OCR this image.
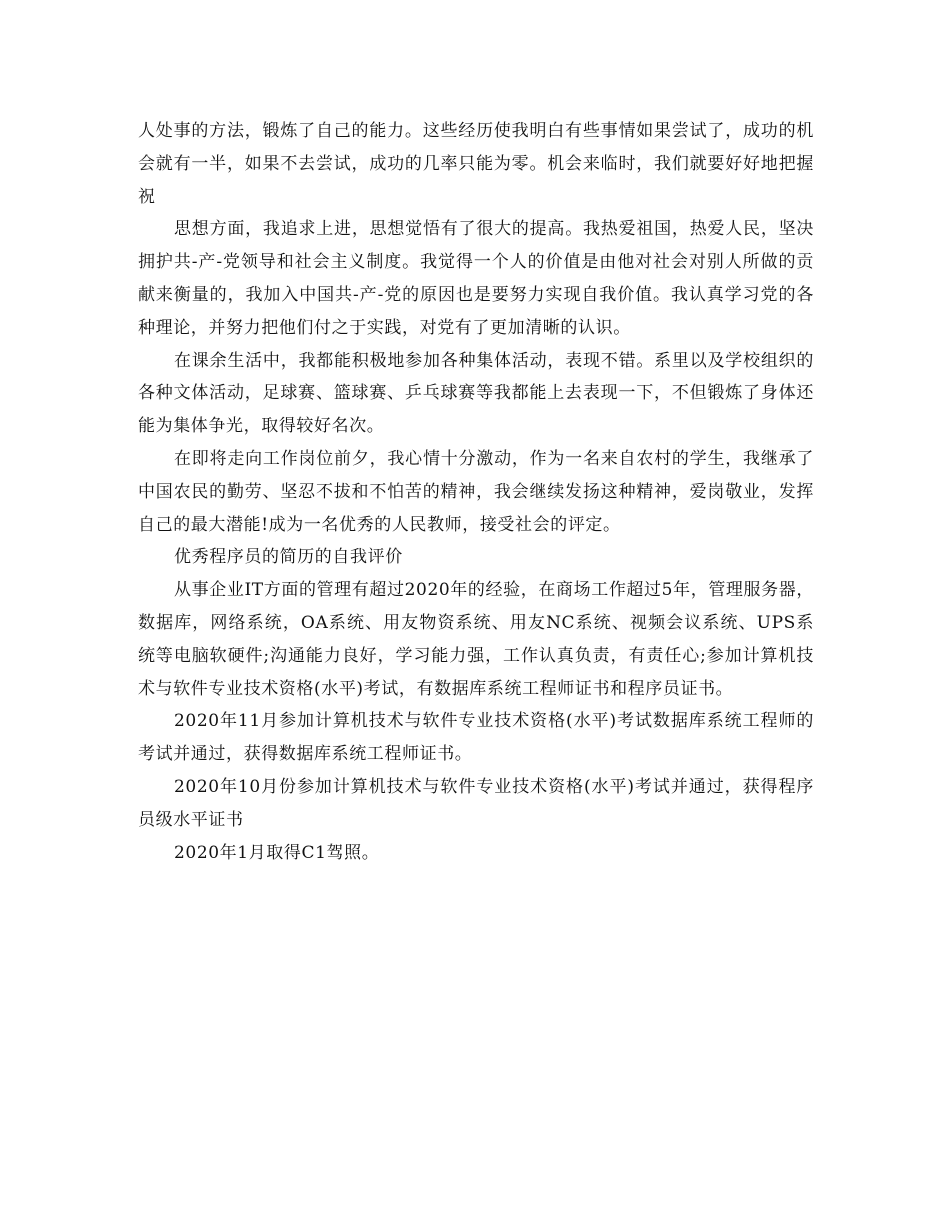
人处事的方法，锻炼了自己的能力。这些经历使我明白有些事情如果尝试了，成功的机会就有一半，如果不去尝试，成功的几率只能为零。机会来临时，我们就要好好地把握祝

思想方面，我追求上进，思想觉悟有了很大的提高。我热爱祖国，热爱人民，坚决拥护共-产-党领导和社会主义制度。我觉得一个人的价值是由他对社会对别人所做的贡献来衡量的，我加入中国共-产-党的原因也是要努力实现自我价值。我认真学习党的各种理论，并努力把他们付之于实践，对党有了更加清晰的认识。

在课余生活中，我都能积极地参加各种集体活动，表现不错。系里以及学校组织的各种文体活动，足球赛、篮球赛、乒乓球赛等我都能上去表现一下，不但锻炼了身体还能为集体争光，取得较好名次。

在即将走向工作岗位前夕，我心情十分激动，作为一名来自农村的学生，我继承了中国农民的勤劳、坚忍不拔和不怕苦的精神，我会继续发扬这种精神，爱岗敬业，发挥自己的最大潜能!成为一名优秀的人民教师，接受社会的评定。

优秀程序员的简历的自我评价

从事企业IT方面的管理有超过2020年的经验，在商场工作超过5年，管理服务器，数据库，网络系统，OA系统、用友物资系统、用友NC系统、视频会议系统、UPS系统等电脑软硬件;沟通能力良好，学习能力强，工作认真负责，有责任心;参加计算机技术与软件专业技术资格(水平)考试，有数据库系统工程师证书和程序员证书。

2020年11月参加计算机技术与软件专业技术资格(水平)考试数据库系统工程师的考试并通过，获得数据库系统工程师证书。

2020年10月份参加计算机技术与软件专业技术资格(水平)考试并通过，获得程序员级水平证书

2020年1月取得C1驾照。
